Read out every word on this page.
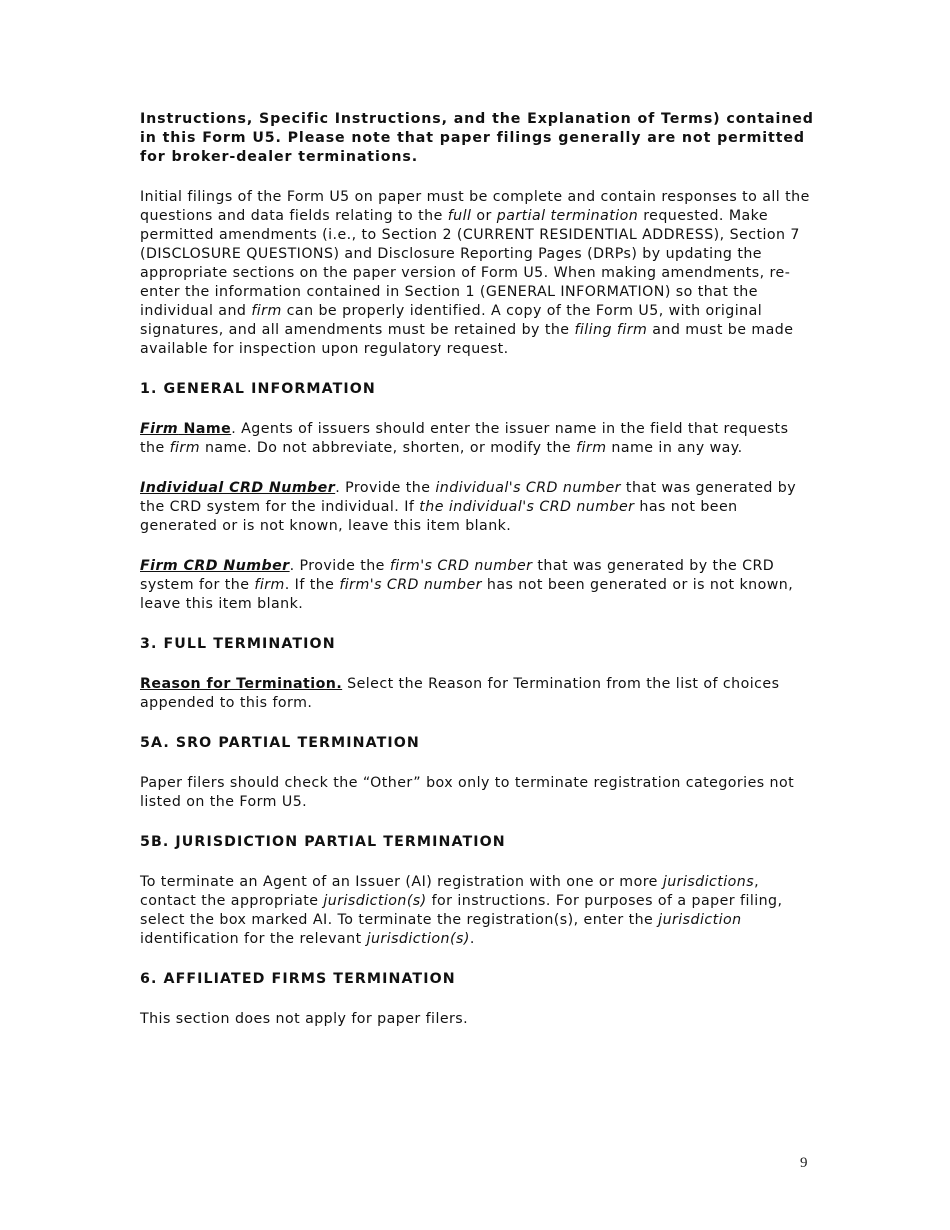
Instructions, Specific Instructions, and the Explanation of Terms) contained in this Form U5. Please note that paper filings generally are not permitted for broker-dealer terminations.

Initial filings of the Form U5 on paper must be complete and contain responses to all the questions and data fields relating to the full or partial termination requested. Make permitted amendments (i.e., to Section 2 (CURRENT RESIDENTIAL ADDRESS), Section 7 (DISCLOSURE QUESTIONS) and Disclosure Reporting Pages (DRPs) by updating the appropriate sections on the paper version of Form U5. When making amendments, re-enter the information contained in Section 1 (GENERAL INFORMATION) so that the individual and firm can be properly identified. A copy of the Form U5, with original signatures, and all amendments must be retained by the filing firm and must be made available for inspection upon regulatory request.

1. GENERAL INFORMATION

Firm Name. Agents of issuers should enter the issuer name in the field that requests the firm name. Do not abbreviate, shorten, or modify the firm name in any way.

Individual CRD Number. Provide the individual's CRD number that was generated by the CRD system for the individual. If the individual's CRD number has not been generated or is not known, leave this item blank.

Firm CRD Number. Provide the firm's CRD number that was generated by the CRD system for the firm. If the firm's CRD number has not been generated or is not known, leave this item blank.

3. FULL TERMINATION

Reason for Termination. Select the Reason for Termination from the list of choices appended to this form.

5A. SRO PARTIAL TERMINATION

Paper filers should check the “Other” box only to terminate registration categories not listed on the Form U5.

5B. JURISDICTION PARTIAL TERMINATION

To terminate an Agent of an Issuer (AI) registration with one or more jurisdictions, contact the appropriate jurisdiction(s) for instructions. For purposes of a paper filing, select the box marked AI. To terminate the registration(s), enter the jurisdiction identification for the relevant jurisdiction(s).

6. AFFILIATED FIRMS TERMINATION

This section does not apply for paper filers.

9
